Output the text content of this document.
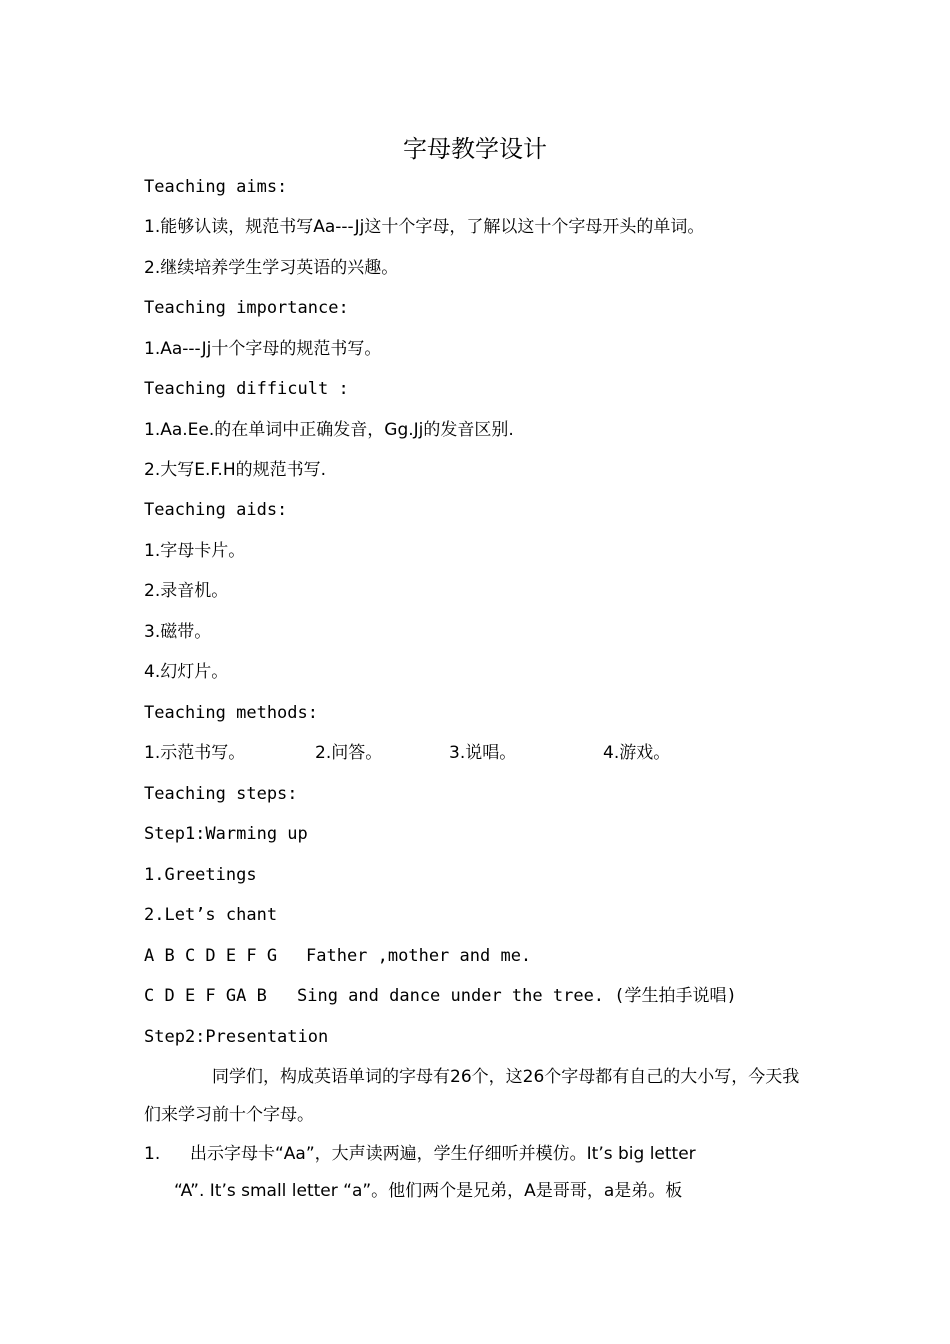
字母教学设计
Teaching aims:
1.能够认读，规范书写Aa---Jj这十个字母，了解以这十个字母开头的单词。
2.继续培养学生学习英语的兴趣。
Teaching importance:
1.Aa---Jj十个字母的规范书写。
Teaching difficult :
1.Aa.Ee.的在单词中正确发音，Gg.Jj的发音区别.
2.大写E.F.H的规范书写.
Teaching aids:
1.字母卡片。
2.录音机。
3.磁带。
4.幻灯片。
Teaching methods:
1.示范书写。	2.问答。	3.说唱。	4.游戏。
Teaching steps:
Step1:Warming up
1.Greetings
2.Let’s chant
A B C D E F G Father ,mother and me.
C D E F GA B Sing and dance under the tree. (学生拍手说唱)
Step2:Presentation
同学们，构成英语单词的字母有26个，这26个字母都有自己的大小写，今天我们来学习前十个字母。
1. 出示字母卡“Aa”，大声读两遍，学生仔细听并模仿。It’s big letter
“A”. It’s small letter “a”。他们两个是兄弟，A是哥哥，a是弟。板
